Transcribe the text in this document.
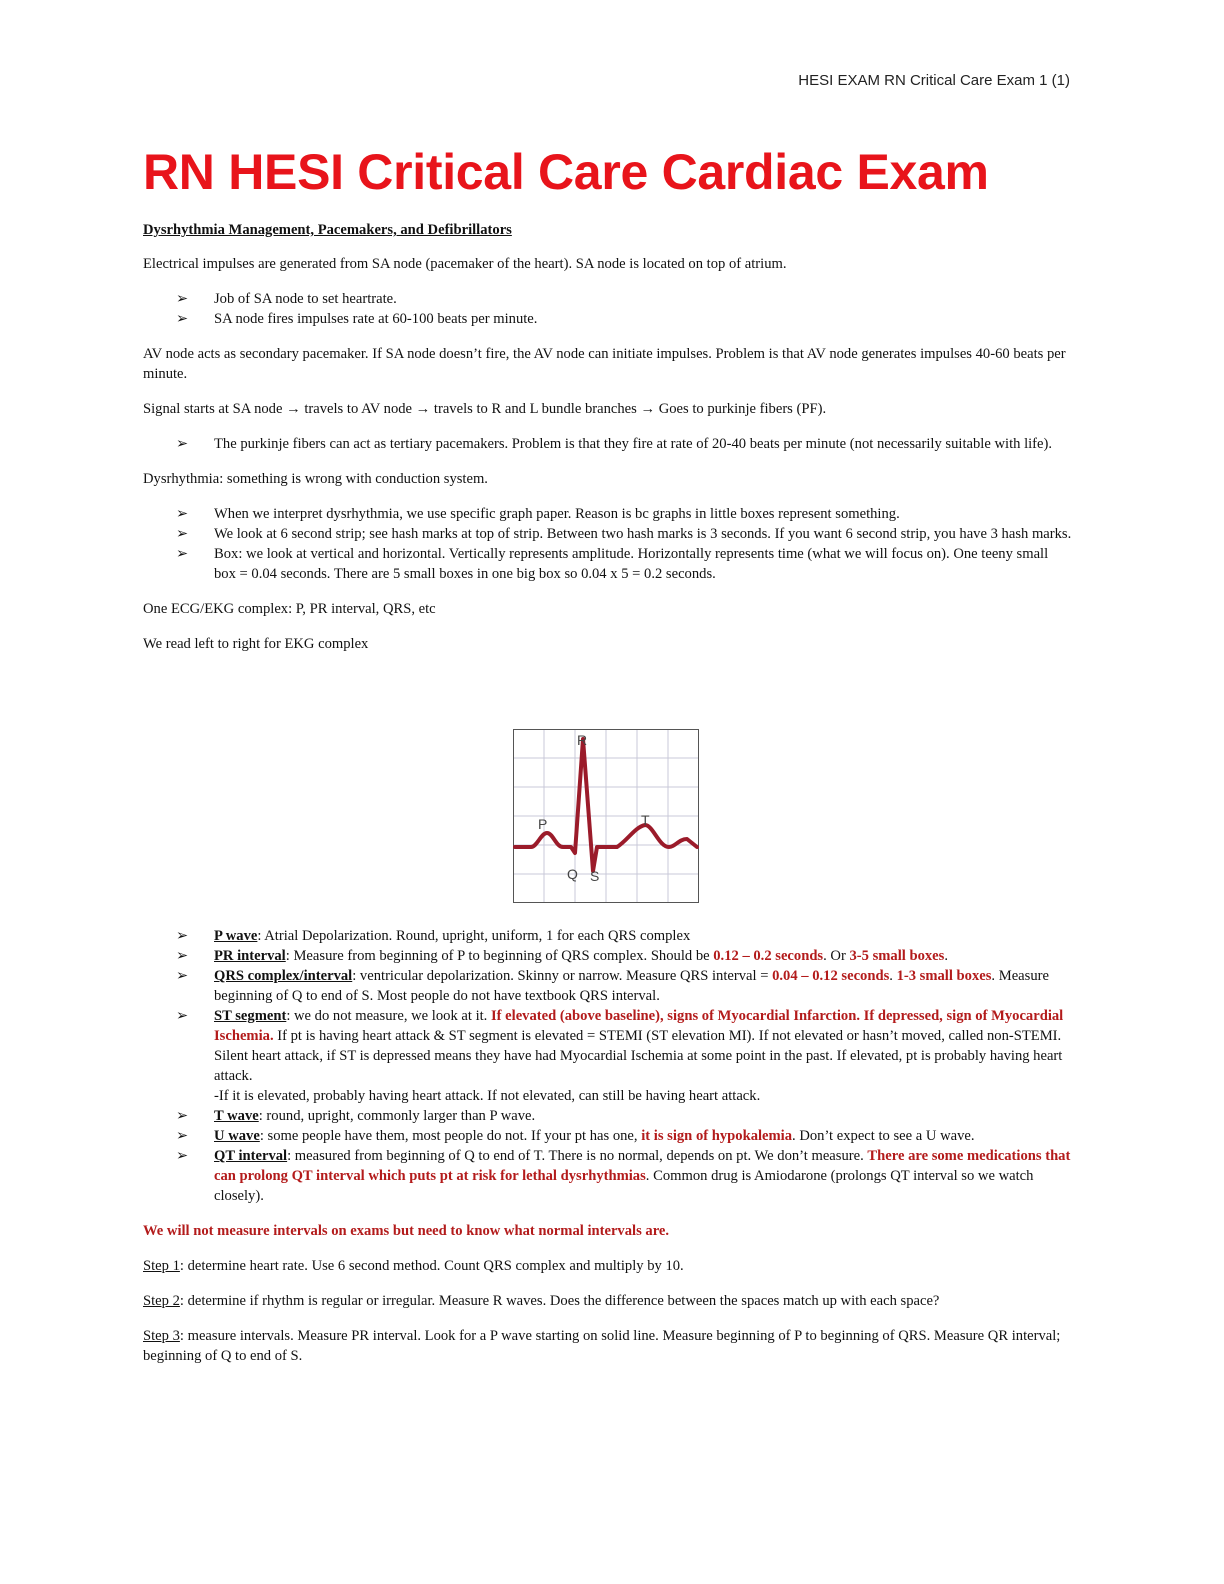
HESI EXAM RN Critical Care Exam 1 (1)
RN HESI Critical Care Cardiac Exam
Dysrhythmia Management, Pacemakers, and Defibrillators

Electrical impulses are generated from SA node (pacemaker of the heart). SA node is located on top of atrium.

➢ Job of SA node to set heartrate.
➢ SA node fires impulses rate at 60-100 beats per minute.

AV node acts as secondary pacemaker. If SA node doesn’t fire, the AV node can initiate impulses. Problem is that AV node generates impulses 40-60 beats per minute.

Signal starts at SA node → travels to AV node → travels to R and L bundle branches → Goes to purkinje fibers (PF).

➢ The purkinje fibers can act as tertiary pacemakers. Problem is that they fire at rate of 20-40 beats per minute (not necessarily suitable with life).

Dysrhythmia: something is wrong with conduction system.

➢ When we interpret dysrhythmia, we use specific graph paper. Reason is bc graphs in little boxes represent something.
➢ We look at 6 second strip; see hash marks at top of strip. Between two hash marks is 3 seconds. If you want 6 second strip, you have 3 hash marks.
➢ Box: we look at vertical and horizontal. Vertically represents amplitude. Horizontally represents time (what we will focus on). One teeny small box = 0.04 seconds. There are 5 small boxes in one big box so 0.04 x 5 = 0.2 seconds.

One ECG/EKG complex: P, PR interval, QRS, etc

We read left to right for EKG complex

R
P	T
Q S
➢ P wave: Atrial Depolarization. Round, upright, uniform, 1 for each QRS complex
➢ PR interval: Measure from beginning of P to beginning of QRS complex. Should be 0.12 – 0.2 seconds. Or 3-5 small boxes.
➢ QRS complex/interval: ventricular depolarization. Skinny or narrow. Measure QRS interval = 0.04 – 0.12 seconds. 1-3 small boxes. Measure beginning of Q to end of S. Most people do not have textbook QRS interval.
➢ ST segment: we do not measure, we look at it. If elevated (above baseline), signs of Myocardial Infarction. If depressed, sign of Myocardial Ischemia. If pt is having heart attack & ST segment is elevated = STEMI (ST elevation MI). If not elevated or hasn’t moved, called non-STEMI. Silent heart attack, if ST is depressed means they have had Myocardial Ischemia at some point in the past. If elevated, pt is probably having heart attack.
-If it is elevated, probably having heart attack. If not elevated, can still be having heart attack.
➢ T wave: round, upright, commonly larger than P wave.
➢ U wave: some people have them, most people do not. If your pt has one, it is sign of hypokalemia. Don’t expect to see a U wave.
➢ QT interval: measured from beginning of Q to end of T. There is no normal, depends on pt. We don’t measure. There are some medications that can prolong QT interval which puts pt at risk for lethal dysrhythmias. Common drug is Amiodarone (prolongs QT interval so we watch closely).

We will not measure intervals on exams but need to know what normal intervals are.

Step 1: determine heart rate. Use 6 second method. Count QRS complex and multiply by 10.

Step 2: determine if rhythm is regular or irregular. Measure R waves. Does the difference between the spaces match up with each space?

Step 3: measure intervals. Measure PR interval. Look for a P wave starting on solid line. Measure beginning of P to beginning of QRS. Measure QR interval; beginning of Q to end of S.
